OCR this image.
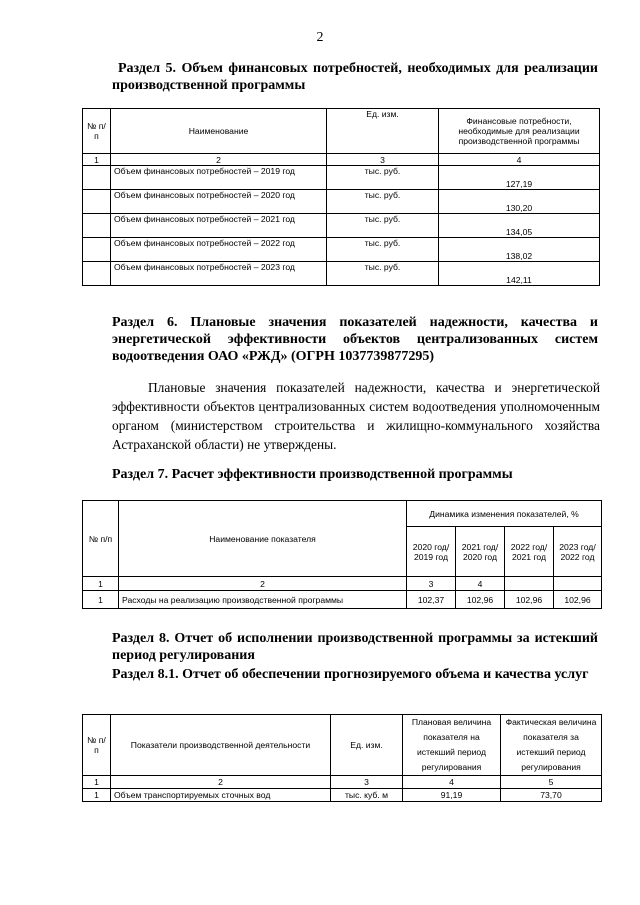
2
Раздел 5. Объем финансовых потребностей, необходимых для реализации производственной программы
№ п/п	Наименование	Ед. изм.	Финансовые потребности, необходимые для реализации производственной программы
1	2	3	4
	Объем финансовых потребностей – 2019 год	тыс. руб.	127,19
	Объем финансовых потребностей – 2020 год	тыс. руб.	130,20
	Объем финансовых потребностей – 2021 год	тыс. руб.	134,05
	Объем финансовых потребностей – 2022 год	тыс. руб.	138,02
	Объем финансовых потребностей – 2023 год	тыс. руб.	142,11
Раздел 6. Плановые значения показателей надежности, качества и энергетической эффективности объектов централизованных систем водоотведения ОАО «РЖД» (ОГРН 1037739877295)
Плановые значения показателей надежности, качества и энергетической эффективности объектов централизованных систем водоотведения уполномоченным органом (министерством строительства и жилищно-коммунального хозяйства Астраханской области) не утверждены.
Раздел 7. Расчет эффективности производственной программы
№ п/п	Наименование показателя	Динамика изменения показателей, %			
		2020 год/ 2019 год	2021 год/ 2020 год	2022 год/ 2021 год	2023 год/ 2022 год
1	2	3	4		
1	Расходы на реализацию производственной программы	102,37	102,96	102,96	102,96
Раздел 8. Отчет об исполнении производственной программы за истекший период регулирования
Раздел 8.1. Отчет об обеспечении прогнозируемого объема и качества услуг
№ п/п	Показатели производственной деятельности	Ед. изм.	Плановая величина показателя на истекший период регулирования	Фактическая величина показателя за истекший период регулирования
1	2	3	4	5
1	Объем транспортируемых сточных вод	тыс. куб. м	91,19	73,70
